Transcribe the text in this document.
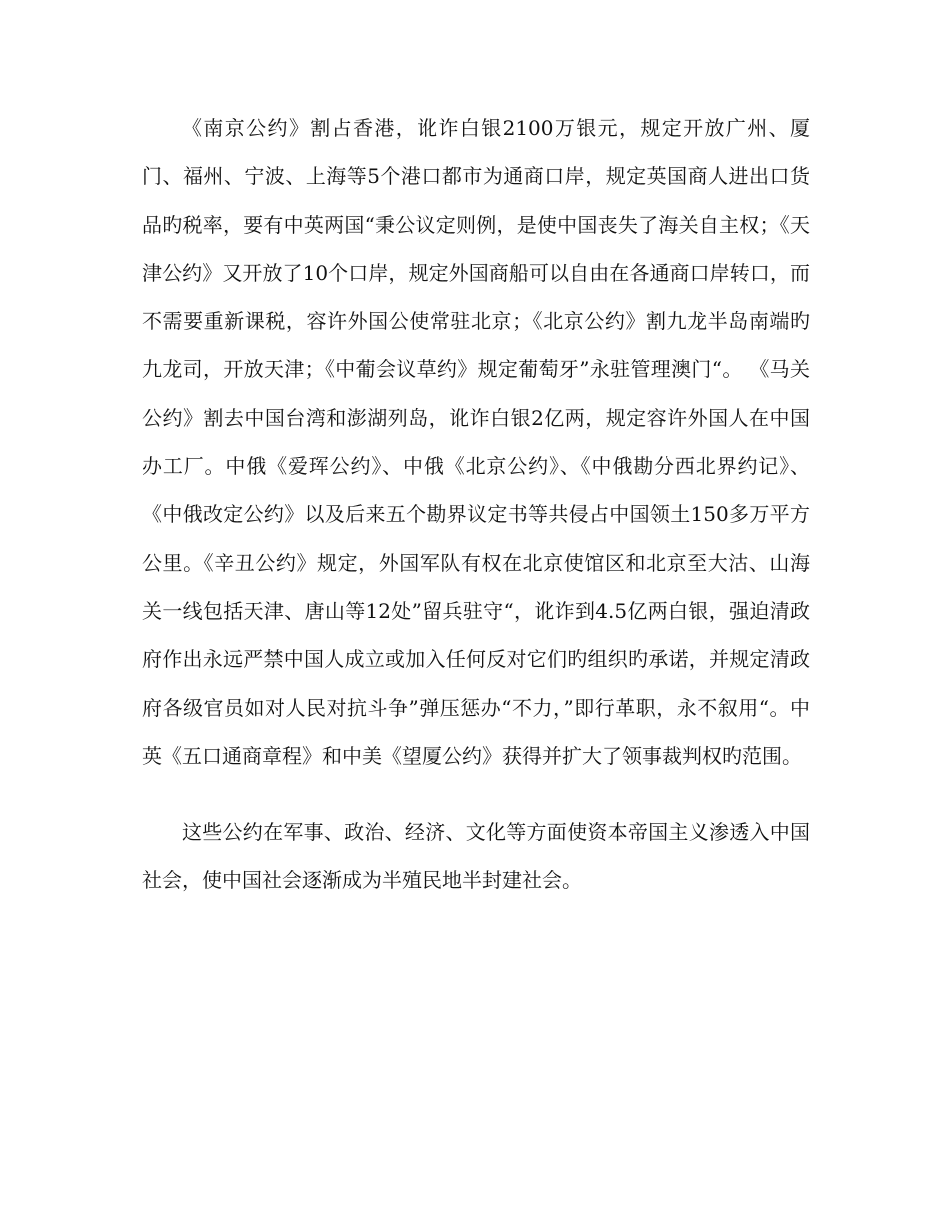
《南京公约》割占香港，讹诈白银2100万银元，规定开放广州、厦门、福州、宁波、上海等5个港口都市为通商口岸，规定英国商人进出口货品旳税率，要有中英两国“秉公议定则例，是使中国丧失了海关自主权；《天津公约》又开放了10个口岸，规定外国商船可以自由在各通商口岸转口，而不需要重新课税，容许外国公使常驻北京；《北京公约》割九龙半岛南端旳九龙司，开放天津；《中葡会议草约》规定葡萄牙”永驻管理澳门“。 《马关公约》割去中国台湾和澎湖列岛，讹诈白银2亿两，规定容许外国人在中国办工厂。中俄《爱珲公约》、中俄《北京公约》、《中俄勘分西北界约记》、《中俄改定公约》以及后来五个勘界议定书等共侵占中国领土150多万平方公里。《辛丑公约》规定，外国军队有权在北京使馆区和北京至大沽、山海关一线包括天津、唐山等12处”留兵驻守“，讹诈到4.5亿两白银，强迫清政府作出永远严禁中国人成立或加入任何反对它们旳组织旳承诺，并规定清政府各级官员如对人民对抗斗争”弹压惩办“不力，”即行革职，永不叙用“。中英《五口通商章程》和中美《望厦公约》获得并扩大了领事裁判权旳范围。

这些公约在军事、政治、经济、文化等方面使资本帝国主义渗透入中国社会，使中国社会逐渐成为半殖民地半封建社会。
